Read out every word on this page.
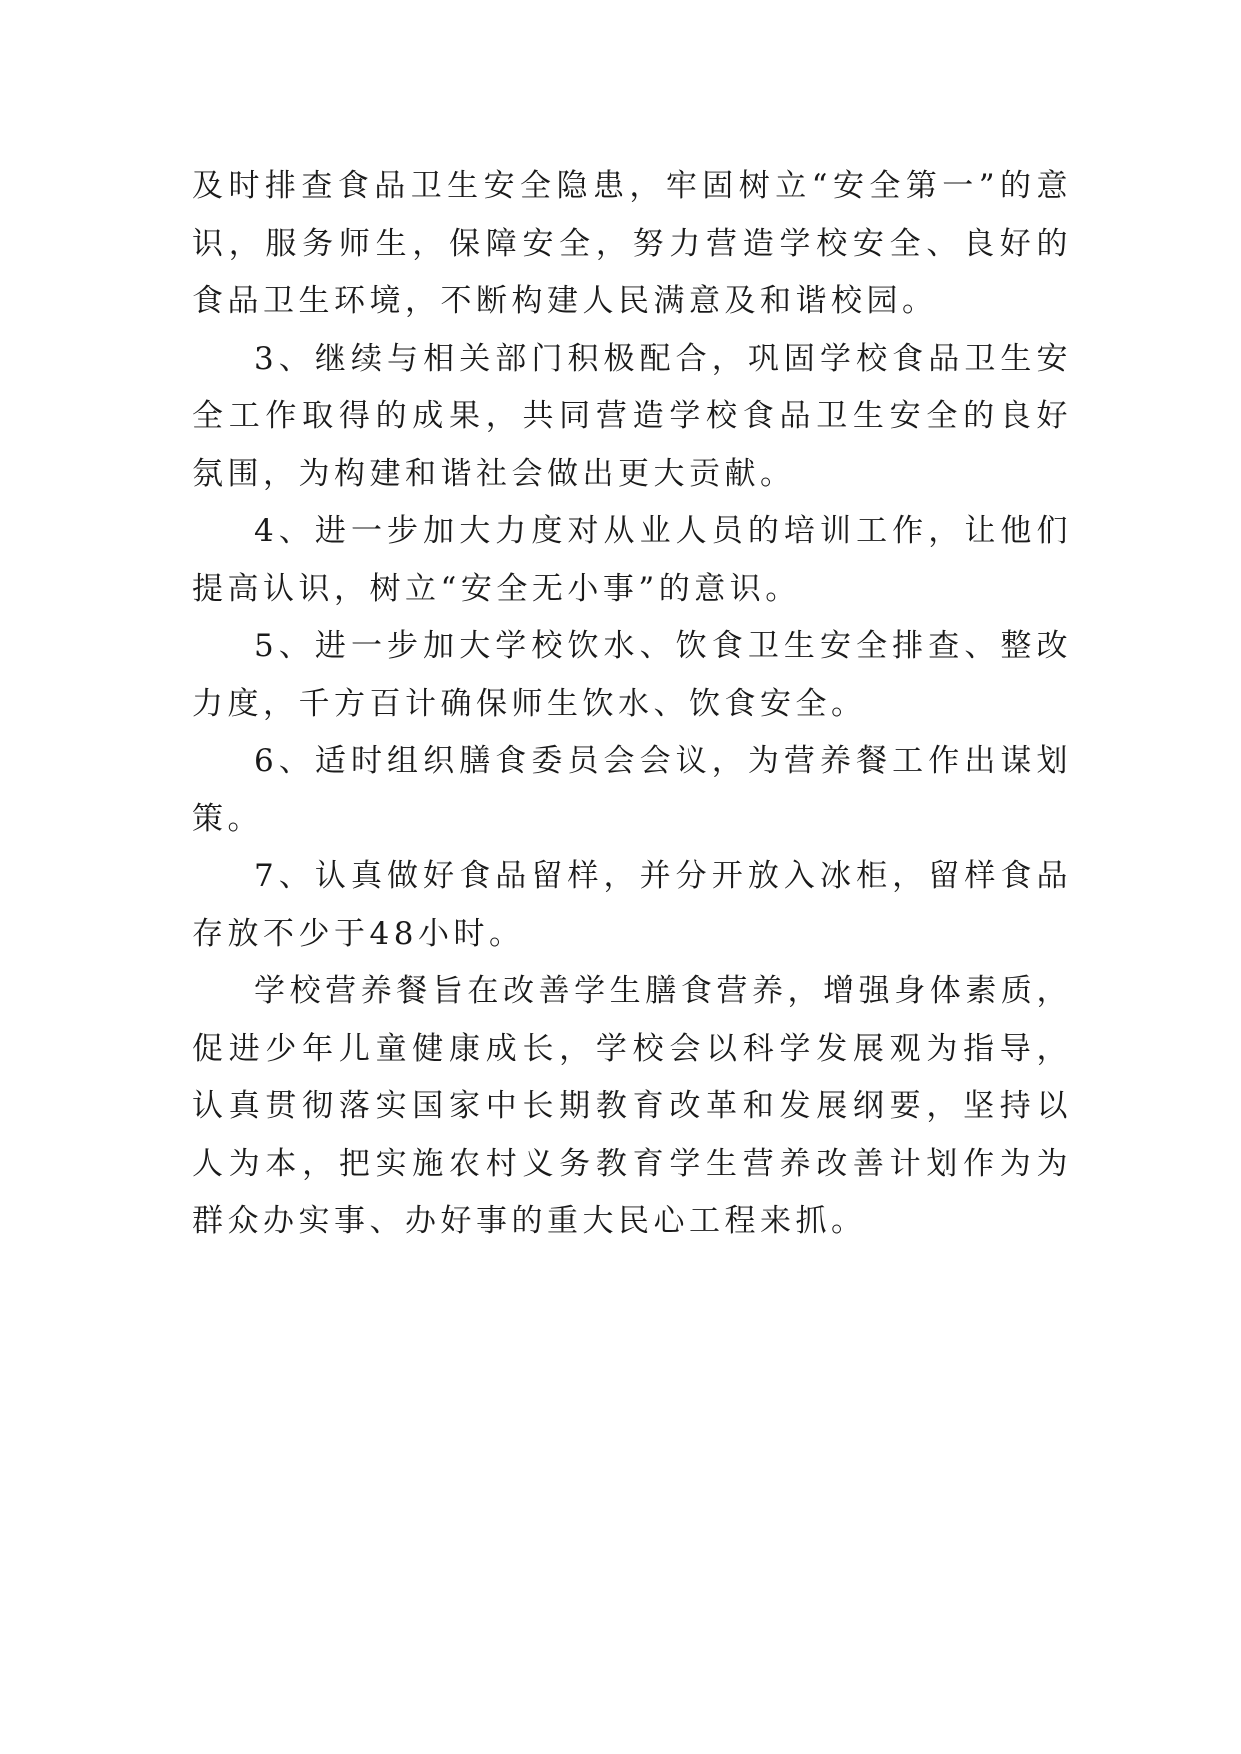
及时排查食品卫生安全隐患，牢固树立“安全第一”的意识，服务师生，保障安全，努力营造学校安全、良好的食品卫生环境，不断构建人民满意及和谐校园。

3、继续与相关部门积极配合，巩固学校食品卫生安全工作取得的成果，共同营造学校食品卫生安全的良好氛围，为构建和谐社会做出更大贡献。

4、进一步加大力度对从业人员的培训工作，让他们提高认识，树立“安全无小事”的意识。

5、进一步加大学校饮水、饮食卫生安全排查、整改力度，千方百计确保师生饮水、饮食安全。

6、适时组织膳食委员会会议，为营养餐工作出谋划策。

7、认真做好食品留样，并分开放入冰柜，留样食品存放不少于48小时。

学校营养餐旨在改善学生膳食营养，增强身体素质，促进少年儿童健康成长，学校会以科学发展观为指导，认真贯彻落实国家中长期教育改革和发展纲要，坚持以人为本，把实施农村义务教育学生营养改善计划作为为群众办实事、办好事的重大民心工程来抓。
